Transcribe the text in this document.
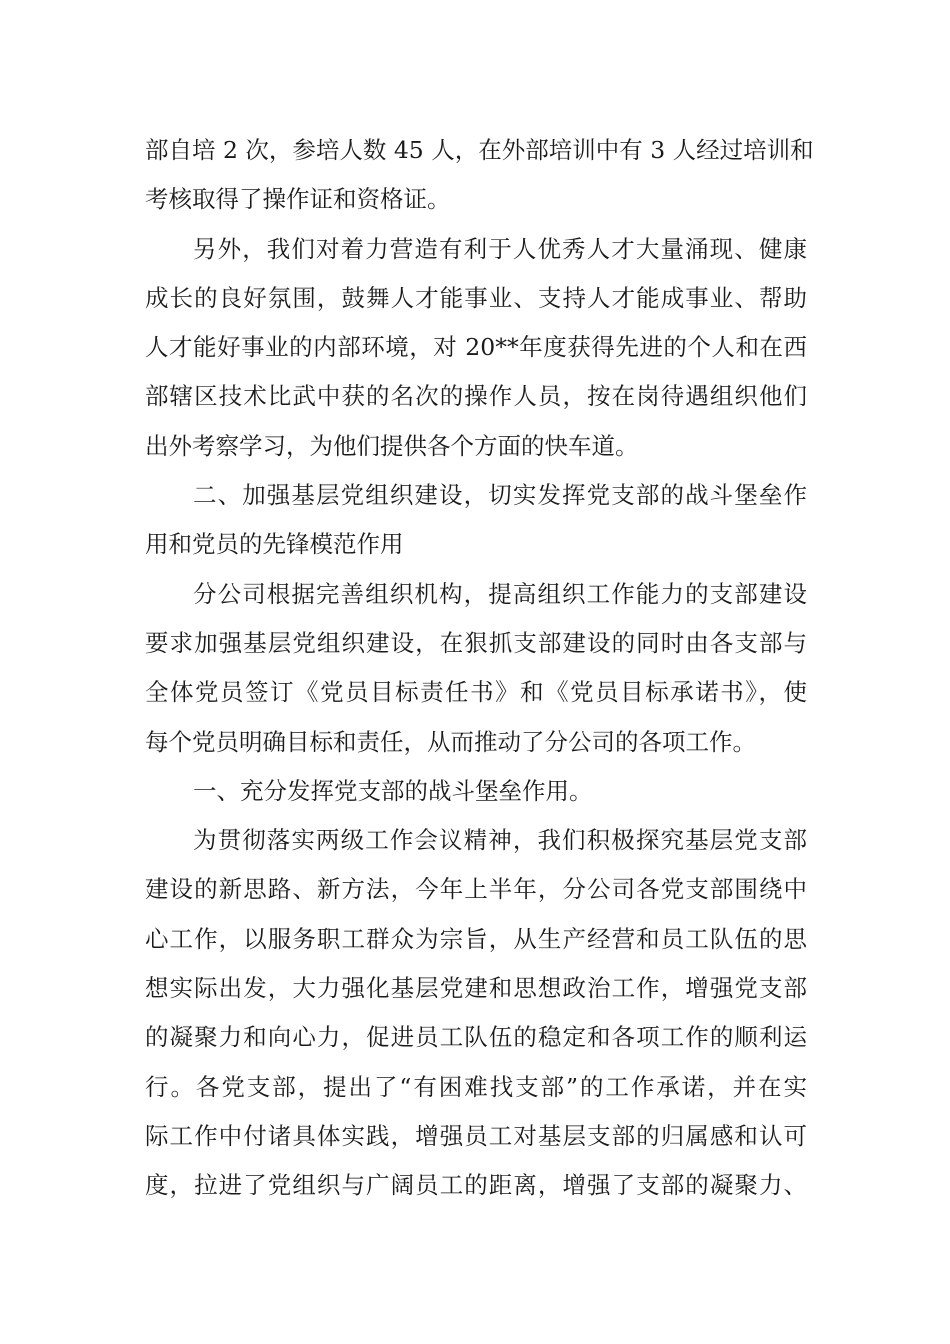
部自培 2 次，参培人数 45 人，在外部培训中有 3 人经过培训和
考核取得了操作证和资格证。
另外，我们对着力营造有利于人优秀人才大量涌现、健康
成长的良好氛围，鼓舞人才能事业、支持人才能成事业、帮助
人才能好事业的内部环境，对 20**年度获得先进的个人和在西
部辖区技术比武中获的名次的操作人员，按在岗待遇组织他们
出外考察学习，为他们提供各个方面的快车道。
二、加强基层党组织建设，切实发挥党支部的战斗堡垒作
用和党员的先锋模范作用
分公司根据完善组织机构，提高组织工作能力的支部建设
要求加强基层党组织建设，在狠抓支部建设的同时由各支部与
全体党员签订《党员目标责任书》和《党员目标承诺书》，使
每个党员明确目标和责任，从而推动了分公司的各项工作。
一、充分发挥党支部的战斗堡垒作用。
为贯彻落实两级工作会议精神，我们积极探究基层党支部
建设的新思路、新方法，今年上半年，分公司各党支部围绕中
心工作，以服务职工群众为宗旨，从生产经营和员工队伍的思
想实际出发，大力强化基层党建和思想政治工作，增强党支部
的凝聚力和向心力，促进员工队伍的稳定和各项工作的顺利运
行。各党支部，提出了“有困难找支部”的工作承诺，并在实
际工作中付诸具体实践，增强员工对基层支部的归属感和认可
度，拉进了党组织与广阔员工的距离，增强了支部的凝聚力、
